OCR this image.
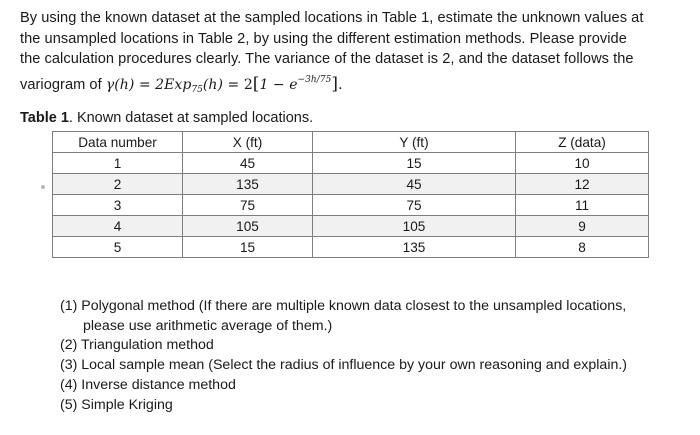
By using the known dataset at the sampled locations in Table 1, estimate the unknown values at
the unsampled locations in Table 2, by using the different estimation methods. Please provide
the calculation procedures clearly. The variance of the dataset is 2, and the dataset follows the
variogram of $\gamma(h) = 2Exp_{75}(h) = 2[1 - e^{-3h/75}]$.

Table 1. Known dataset at sampled locations.

Data number	X (ft)	Y (ft)	Z (data)
1	45	15	10
2	135	45	12
3	75	75	11
4	105	105	9
5	15	135	8
(1) Polygonal method (If there are multiple known data closest to the unsampled locations,
please use arithmetic average of them.)
(2) Triangulation method
(3) Local sample mean (Select the radius of influence by your own reasoning and explain.)
(4) Inverse distance method
(5) Simple Kriging
